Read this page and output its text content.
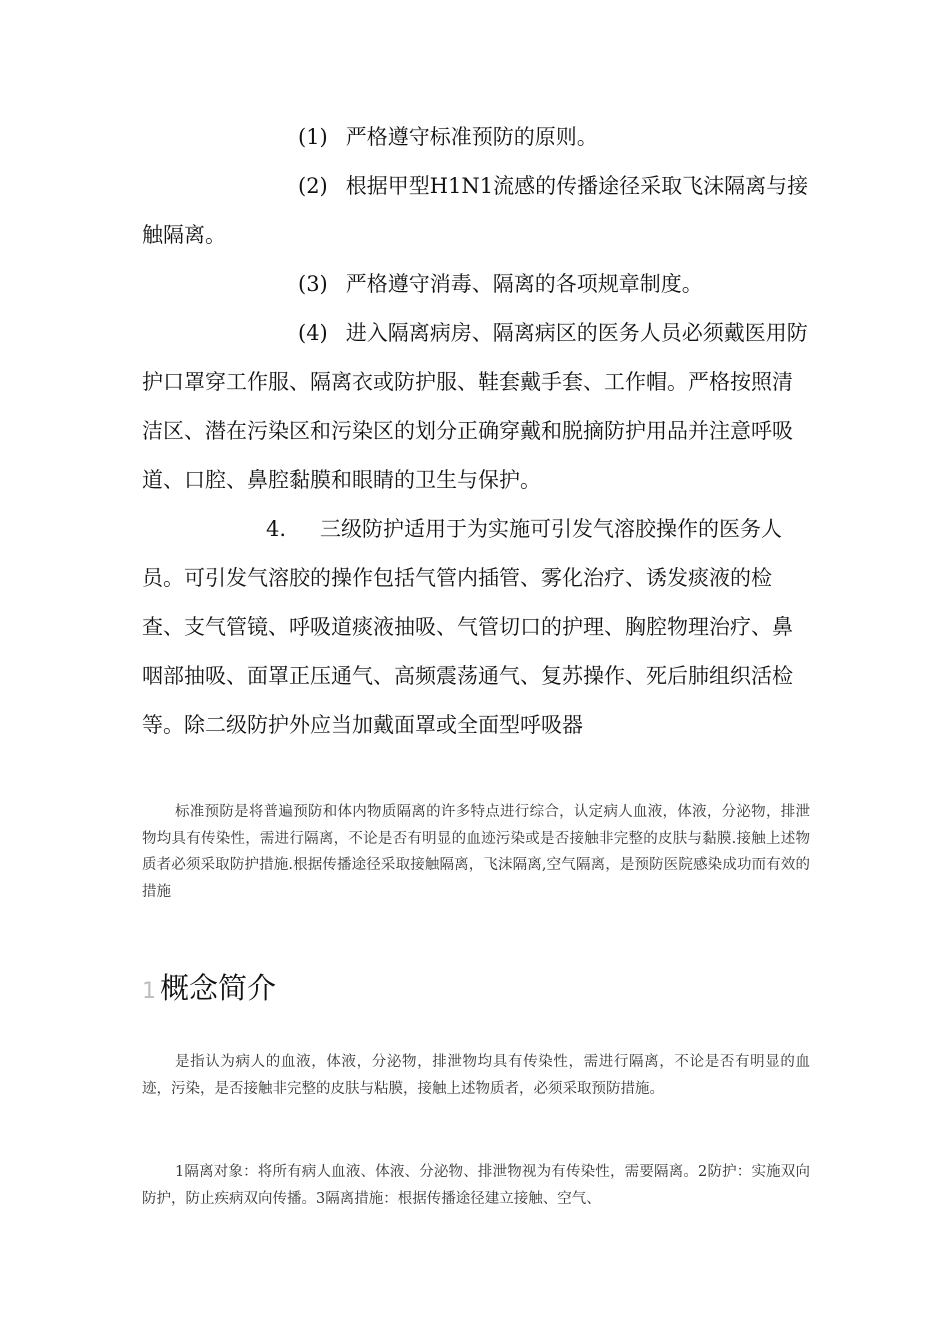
(1) 严格遵守标准预防的原则。

(2) 根据甲型H1N1流感的传播途径采取飞沫隔离与接触隔离。

(3) 严格遵守消毒、隔离的各项规章制度。

(4) 进入隔离病房、隔离病区的医务人员必须戴医用防护口罩穿工作服、隔离衣或防护服、鞋套戴手套、工作帽。严格按照清洁区、潜在污染区和污染区的划分正确穿戴和脱摘防护用品并注意呼吸道、口腔、鼻腔黏膜和眼睛的卫生与保护。

4. 三级防护适用于为实施可引发气溶胶操作的医务人员。可引发气溶胶的操作包括气管内插管、雾化治疗、诱发痰液的检查、支气管镜、呼吸道痰液抽吸、气管切口的护理、胸腔物理治疗、鼻咽部抽吸、面罩正压通气、高频震荡通气、复苏操作、死后肺组织活检等。除二级防护外应当加戴面罩或全面型呼吸器

标准预防是将普遍预防和体内物质隔离的许多特点进行综合，认定病人血液，体液，分泌物，排泄物均具有传染性，需进行隔离，不论是否有明显的血迹污染或是否接触非完整的皮肤与黏膜.接触上述物质者必须采取防护措施.根据传播途径采取接触隔离，飞沫隔离,空气隔离，是预防医院感染成功而有效的措施

1 概念简介

是指认为病人的血液，体液，分泌物，排泄物均具有传染性，需进行隔离，不论是否有明显的血迹，污染，是否接触非完整的皮肤与粘膜，接触上述物质者，必须采取预防措施。

1隔离对象：将所有病人血液、体液、分泌物、排泄物视为有传染性，需要隔离。2防护：实施双向防护，防止疾病双向传播。3隔离措施：根据传播途径建立接触、空气、
